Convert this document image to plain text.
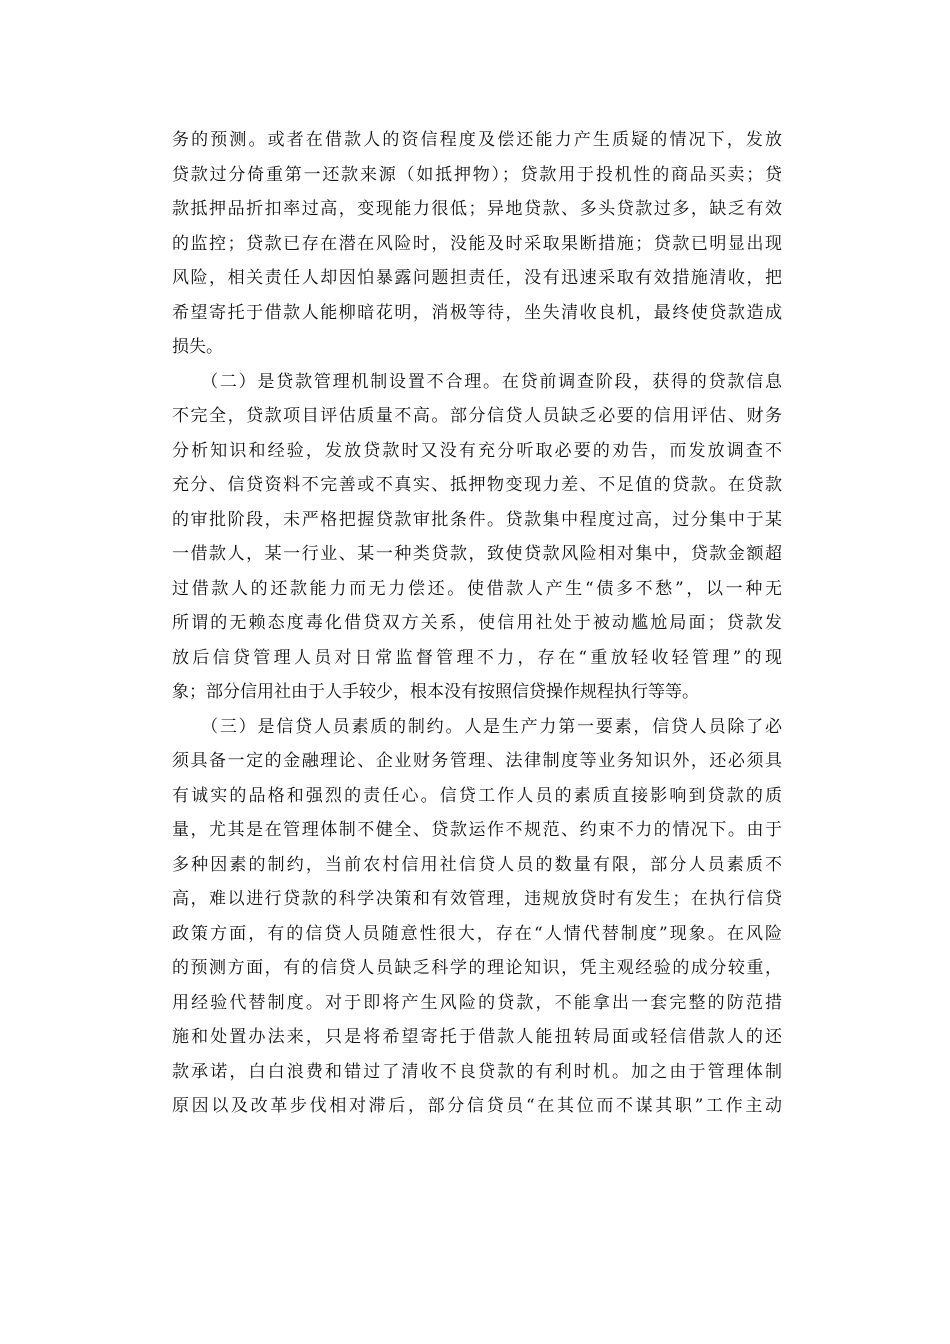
务的预测。或者在借款人的资信程度及偿还能力产生质疑的情况下，发放
贷款过分倚重第一还款来源（如抵押物）；贷款用于投机性的商品买卖；贷
款抵押品折扣率过高，变现能力很低；异地贷款、多头贷款过多，缺乏有效
的监控；贷款已存在潜在风险时，没能及时采取果断措施；贷款已明显出现
风险，相关责任人却因怕暴露问题担责任，没有迅速采取有效措施清收，把
希望寄托于借款人能柳暗花明，消极等待，坐失清收良机，最终使贷款造成
损失。
　　（二）是贷款管理机制设置不合理。在贷前调查阶段，获得的贷款信息
不完全，贷款项目评估质量不高。部分信贷人员缺乏必要的信用评估、财务
分析知识和经验，发放贷款时又没有充分听取必要的劝告，而发放调查不
充分、信贷资料不完善或不真实、抵押物变现力差、不足值的贷款。在贷款
的审批阶段，未严格把握贷款审批条件。贷款集中程度过高，过分集中于某
一借款人，某一行业、某一种类贷款，致使贷款风险相对集中，贷款金额超
过借款人的还款能力而无力偿还。使借款人产生“债多不愁”，以一种无
所谓的无赖态度毒化借贷双方关系，使信用社处于被动尴尬局面；贷款发
放后信贷管理人员对日常监督管理不力，存在“重放轻收轻管理”的现
象；部分信用社由于人手较少，根本没有按照信贷操作规程执行等等。
　　（三）是信贷人员素质的制约。人是生产力第一要素，信贷人员除了必
须具备一定的金融理论、企业财务管理、法律制度等业务知识外，还必须具
有诚实的品格和强烈的责任心。信贷工作人员的素质直接影响到贷款的质
量，尤其是在管理体制不健全、贷款运作不规范、约束不力的情况下。由于
多种因素的制约，当前农村信用社信贷人员的数量有限，部分人员素质不
高，难以进行贷款的科学决策和有效管理，违规放贷时有发生；在执行信贷
政策方面，有的信贷人员随意性很大，存在“人情代替制度”现象。在风险
的预测方面，有的信贷人员缺乏科学的理论知识，凭主观经验的成分较重，
用经验代替制度。对于即将产生风险的贷款，不能拿出一套完整的防范措
施和处置办法来，只是将希望寄托于借款人能扭转局面或轻信借款人的还
款承诺，白白浪费和错过了清收不良贷款的有利时机。加之由于管理体制
原因以及改革步伐相对滞后，部分信贷员“在其位而不谋其职”工作主动
